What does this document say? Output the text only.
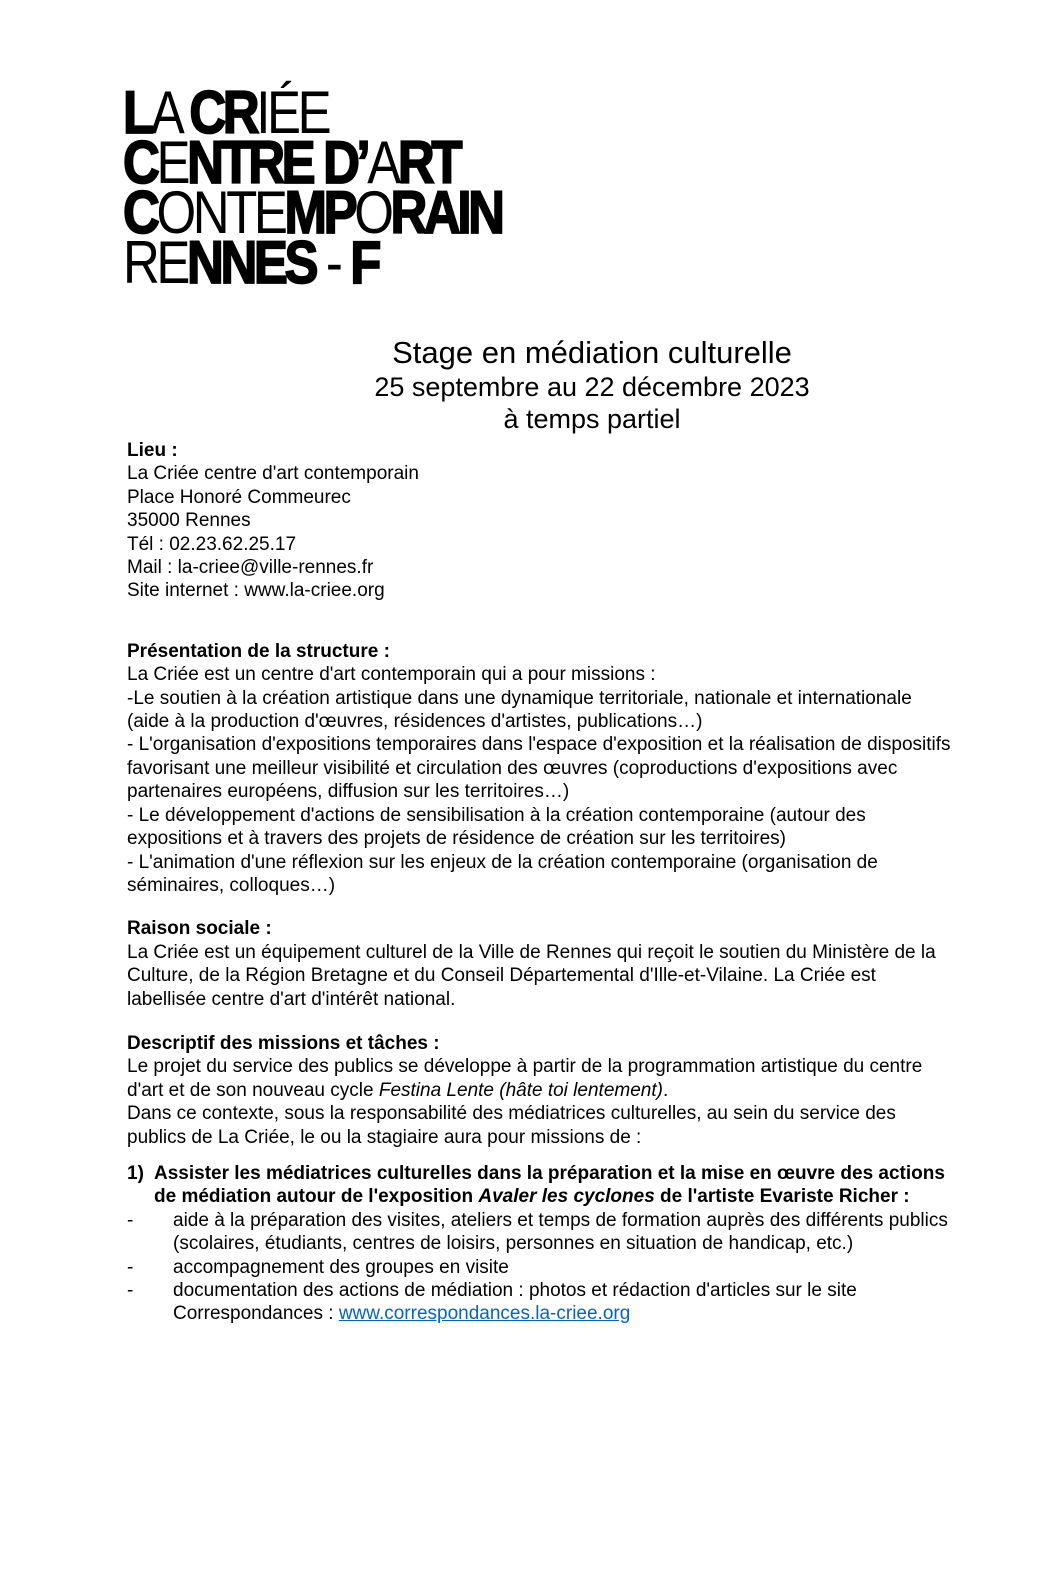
LA CRIÉE
CENTRE D’ART
CONTEMPORAIN
RENNES - F
Stage en médiation culturelle
25 septembre au 22 décembre 2023
à temps partiel
Lieu :
La Criée centre d'art contemporain
Place Honoré Commeurec
35000 Rennes
Tél : 02.23.62.25.17
Mail : la-criee@ville-rennes.fr
Site internet : www.la-criee.org
Présentation de la structure :
La Criée est un centre d'art contemporain qui a pour missions :
-Le soutien à la création artistique dans une dynamique territoriale, nationale et internationale (aide à la production d'œuvres, résidences d'artistes, publications…)
- L'organisation d'expositions temporaires dans l'espace d'exposition et la réalisation de dispositifs favorisant une meilleur visibilité et circulation des œuvres (coproductions d'expositions avec partenaires européens, diffusion sur les territoires…)
- Le développement d'actions de sensibilisation à la création contemporaine (autour des expositions et à travers des projets de résidence de création sur les territoires)
- L'animation d'une réflexion sur les enjeux de la création contemporaine (organisation de séminaires, colloques…)
Raison sociale :
La Criée est un équipement culturel de la Ville de Rennes qui reçoit le soutien du Ministère de la Culture, de la Région Bretagne et du Conseil Départemental d'Ille-et-Vilaine. La Criée est labellisée centre d'art d'intérêt national.
Descriptif des missions et tâches :
Le projet du service des publics se développe à partir de la programmation artistique du centre d'art et de son nouveau cycle Festina Lente (hâte toi lentement).
Dans ce contexte, sous la responsabilité des médiatrices culturelles, au sein du service des publics de La Criée, le ou la stagiaire aura pour missions de :
1) Assister les médiatrices culturelles dans la préparation et la mise en œuvre des actions de médiation autour de l'exposition Avaler les cyclones de l'artiste Evariste Richer :
-	aide à la préparation des visites, ateliers et temps de formation auprès des différents publics (scolaires, étudiants, centres de loisirs, personnes en situation de handicap, etc.)
-	accompagnement des groupes en visite
-	documentation des actions de médiation : photos et rédaction d'articles sur le site Correspondances : www.correspondances.la-criee.org
